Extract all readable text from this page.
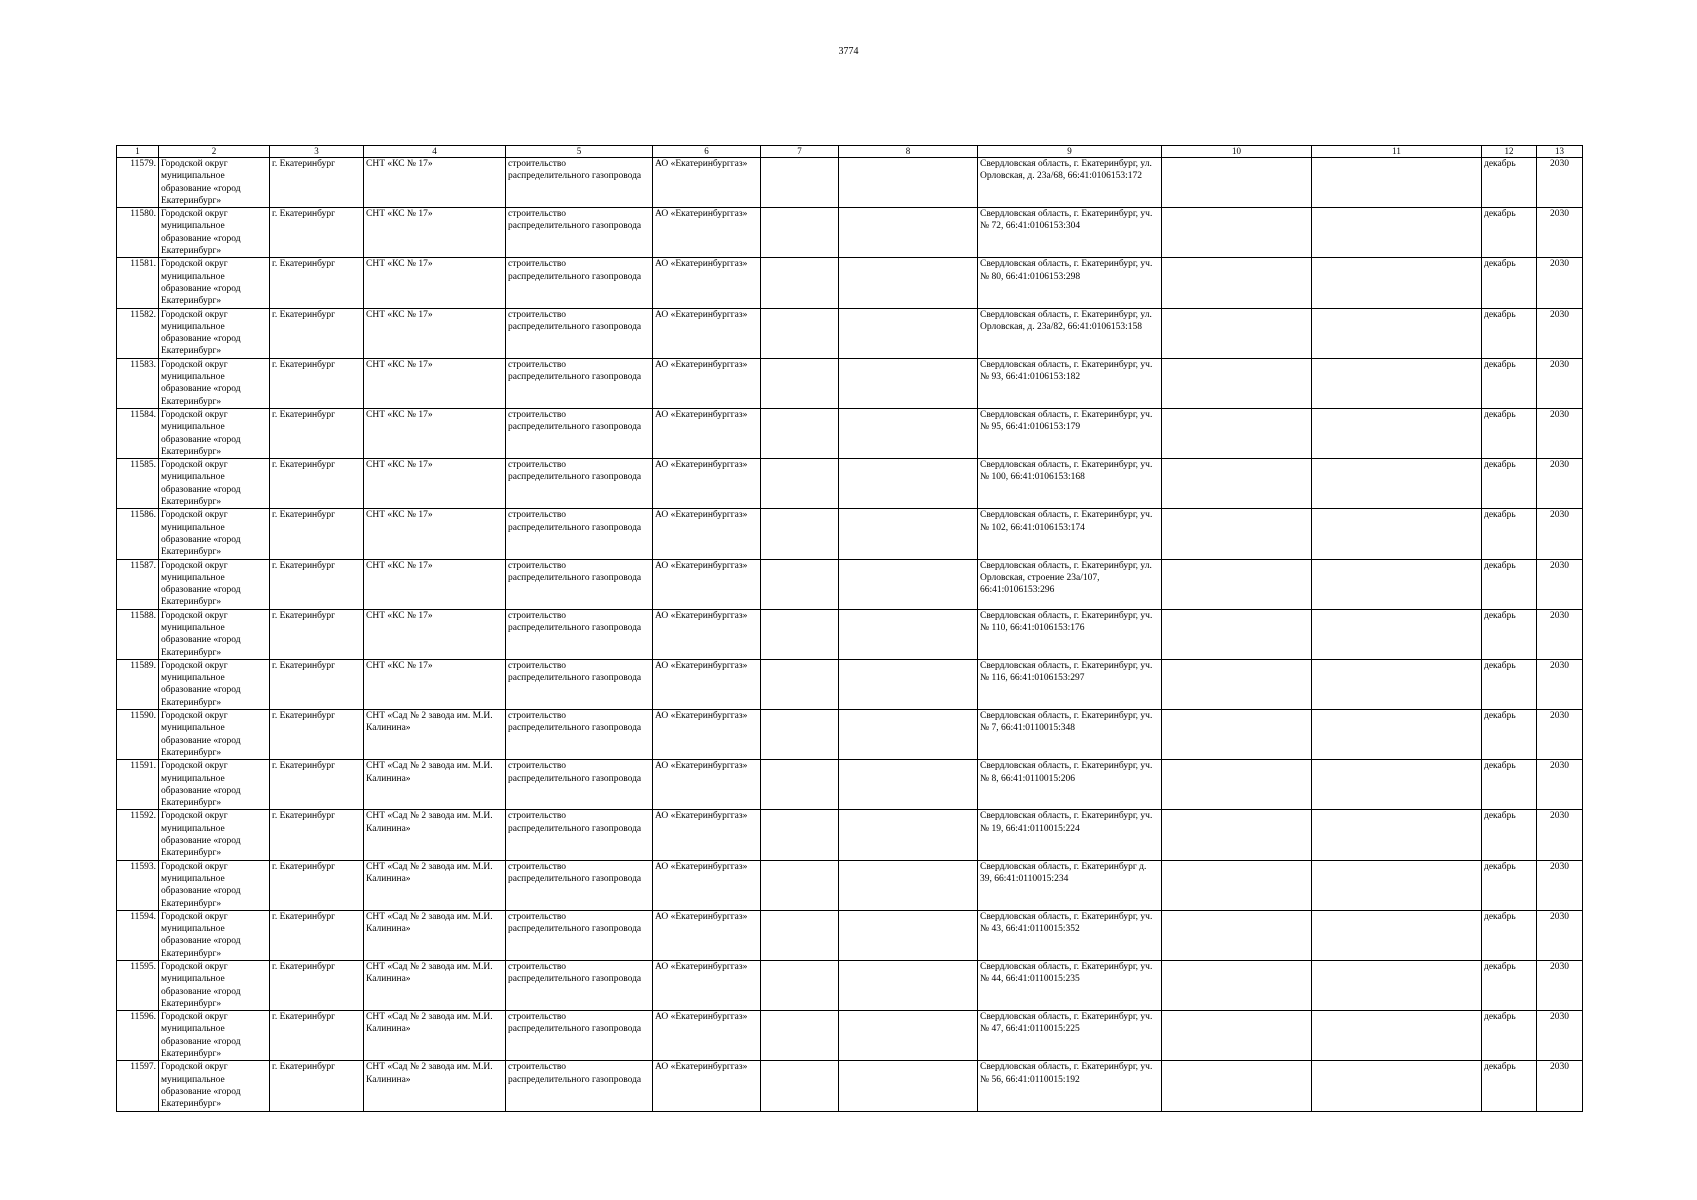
3774
1	2	3	4	5	6	7	8	9	10	11	12	13
11579.	Городской округ
муниципальное
образование «город
Екатеринбург»	г. Екатеринбург	СНТ «КС № 17»	строительство распределительного газопровода	АО «Екатеринбурггаз»			Свердловская область, г. Екатеринбург, ул. Орловская, д. 23а/68, 66:41:0106153:172			декабрь	2030
11580.	Городской округ
муниципальное
образование «город
Екатеринбург»	г. Екатеринбург	СНТ «КС № 17»	строительство распределительного газопровода	АО «Екатеринбурггаз»			Свердловская область, г. Екатеринбург, уч. № 72, 66:41:0106153:304			декабрь	2030
11581.	Городской округ
муниципальное
образование «город
Екатеринбург»	г. Екатеринбург	СНТ «КС № 17»	строительство распределительного газопровода	АО «Екатеринбурггаз»			Свердловская область, г. Екатеринбург, уч. № 80, 66:41:0106153:298			декабрь	2030
11582.	Городской округ
муниципальное
образование «город
Екатеринбург»	г. Екатеринбург	СНТ «КС № 17»	строительство распределительного газопровода	АО «Екатеринбурггаз»			Свердловская область, г. Екатеринбург, ул. Орловская, д. 23а/82, 66:41:0106153:158			декабрь	2030
11583.	Городской округ
муниципальное
образование «город
Екатеринбург»	г. Екатеринбург	СНТ «КС № 17»	строительство распределительного газопровода	АО «Екатеринбурггаз»			Свердловская область, г. Екатеринбург, уч. № 93, 66:41:0106153:182			декабрь	2030
11584.	Городской округ
муниципальное
образование «город
Екатеринбург»	г. Екатеринбург	СНТ «КС № 17»	строительство распределительного газопровода	АО «Екатеринбурггаз»			Свердловская область, г. Екатеринбург, уч. № 95, 66:41:0106153:179			декабрь	2030
11585.	Городской округ
муниципальное
образование «город
Екатеринбург»	г. Екатеринбург	СНТ «КС № 17»	строительство распределительного газопровода	АО «Екатеринбурггаз»			Свердловская область, г. Екатеринбург, уч. № 100, 66:41:0106153:168			декабрь	2030
11586.	Городской округ
муниципальное
образование «город
Екатеринбург»	г. Екатеринбург	СНТ «КС № 17»	строительство распределительного газопровода	АО «Екатеринбурггаз»			Свердловская область, г. Екатеринбург, уч. № 102, 66:41:0106153:174			декабрь	2030
11587.	Городской округ
муниципальное
образование «город
Екатеринбург»	г. Екатеринбург	СНТ «КС № 17»	строительство распределительного газопровода	АО «Екатеринбурггаз»			Свердловская область, г. Екатеринбург, ул. Орловская, строение 23а/107, 66:41:0106153:296			декабрь	2030
11588.	Городской округ
муниципальное
образование «город
Екатеринбург»	г. Екатеринбург	СНТ «КС № 17»	строительство распределительного газопровода	АО «Екатеринбурггаз»			Свердловская область, г. Екатеринбург, уч. № 110, 66:41:0106153:176			декабрь	2030
11589.	Городской округ
муниципальное
образование «город
Екатеринбург»	г. Екатеринбург	СНТ «КС № 17»	строительство распределительного газопровода	АО «Екатеринбурггаз»			Свердловская область, г. Екатеринбург, уч. № 116, 66:41:0106153:297			декабрь	2030
11590.	Городской округ
муниципальное
образование «город
Екатеринбург»	г. Екатеринбург	СНТ «Сад № 2 завода им. М.И. Калинина»	строительство распределительного газопровода	АО «Екатеринбурггаз»			Свердловская область, г. Екатеринбург, уч. № 7, 66:41:0110015:348			декабрь	2030
11591.	Городской округ
муниципальное
образование «город
Екатеринбург»	г. Екатеринбург	СНТ «Сад № 2 завода им. М.И. Калинина»	строительство распределительного газопровода	АО «Екатеринбурггаз»			Свердловская область, г. Екатеринбург, уч. № 8, 66:41:0110015:206			декабрь	2030
11592.	Городской округ
муниципальное
образование «город
Екатеринбург»	г. Екатеринбург	СНТ «Сад № 2 завода им. М.И. Калинина»	строительство распределительного газопровода	АО «Екатеринбурггаз»			Свердловская область, г. Екатеринбург, уч. № 19, 66:41:0110015:224			декабрь	2030
11593.	Городской округ
муниципальное
образование «город
Екатеринбург»	г. Екатеринбург	СНТ «Сад № 2 завода им. М.И. Калинина»	строительство распределительного газопровода	АО «Екатеринбурггаз»			Свердловская область, г. Екатеринбург д. 39, 66:41:0110015:234			декабрь	2030
11594.	Городской округ
муниципальное
образование «город
Екатеринбург»	г. Екатеринбург	СНТ «Сад № 2 завода им. М.И. Калинина»	строительство распределительного газопровода	АО «Екатеринбурггаз»			Свердловская область, г. Екатеринбург, уч. № 43, 66:41:0110015:352			декабрь	2030
11595.	Городской округ
муниципальное
образование «город
Екатеринбург»	г. Екатеринбург	СНТ «Сад № 2 завода им. М.И. Калинина»	строительство распределительного газопровода	АО «Екатеринбурггаз»			Свердловская область, г. Екатеринбург, уч. № 44, 66:41:0110015:235			декабрь	2030
11596.	Городской округ
муниципальное
образование «город
Екатеринбург»	г. Екатеринбург	СНТ «Сад № 2 завода им. М.И. Калинина»	строительство распределительного газопровода	АО «Екатеринбурггаз»			Свердловская область, г. Екатеринбург, уч. № 47, 66:41:0110015:225			декабрь	2030
11597.	Городской округ
муниципальное
образование «город
Екатеринбург»	г. Екатеринбург	СНТ «Сад № 2 завода им. М.И. Калинина»	строительство распределительного газопровода	АО «Екатеринбурггаз»			Свердловская область, г. Екатеринбург, уч. № 56, 66:41:0110015:192			декабрь	2030
